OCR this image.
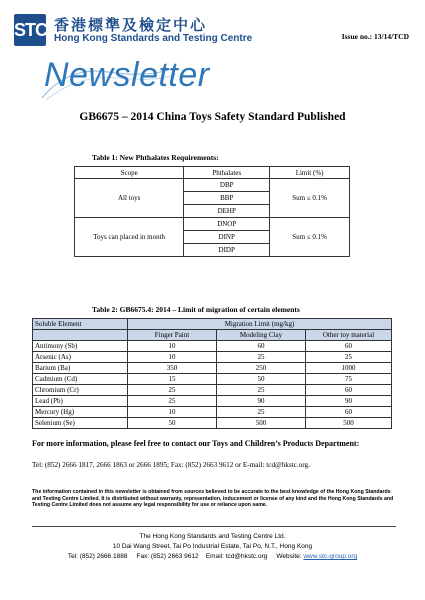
STC 香港標準及檢定中心
Hong Kong Standards and Testing Centre	Issue no.: 13/14/TCD
Newsletter
GB6675 – 2014 China Toys Safety Standard Published
Table 1: New Phthalates Requirements:
Scope	Phthalates	Limit (%)
All toys	DBP	Sum ≤ 0.1%
	BBP	
	DEHP	
Toys can placed in month	DNOP	Sum ≤ 0.1%
	DINP	
	DIDP	
Table 2: GB6675.4: 2014 – Limit of migration of certain elements
Soluble Element	Migration Limit (mg/kg)		
	Finger Paint	Modeling Clay	Other toy material
Antimony (Sb)	10	60	60
Arsenic (As)	10	25	25
Barium (Ba)	350	250	1000
Cadmium (Cd)	15	50	75
Chromium (Cr)	25	25	60
Lead (Pb)	25	90	90
Mercury (Hg)	10	25	60
Selenium (Se)	50	500	500
For more information, please feel free to contact our Toys and Children’s Products Department:
Tel: (852) 2666 1817, 2666 1863 or 2666 1895; Fax: (852) 2663 9612 or E-mail: tcd@hkstc.org.
The information contained in this newsletter is obtained from sources believed to be accurate to the best knowledge of the Hong Kong Standards and Testing Centre Limited. It is distributed without warranty, representation, inducement or license of any kind and the Hong Kong Standards and Testing Centre Limited does not assume any legal responsibility for use or reliance upon same.
The Hong Kong Standards and Testing Centre Ltd.
10 Dai Wang Street, Tai Po Industrial Estate, Tai Po, N.T., Hong Kong
Tel: (852) 2666 1888     Fax: (852) 2663 9612    Email: tcd@hkstc.org     Website: www.stc-group.org
